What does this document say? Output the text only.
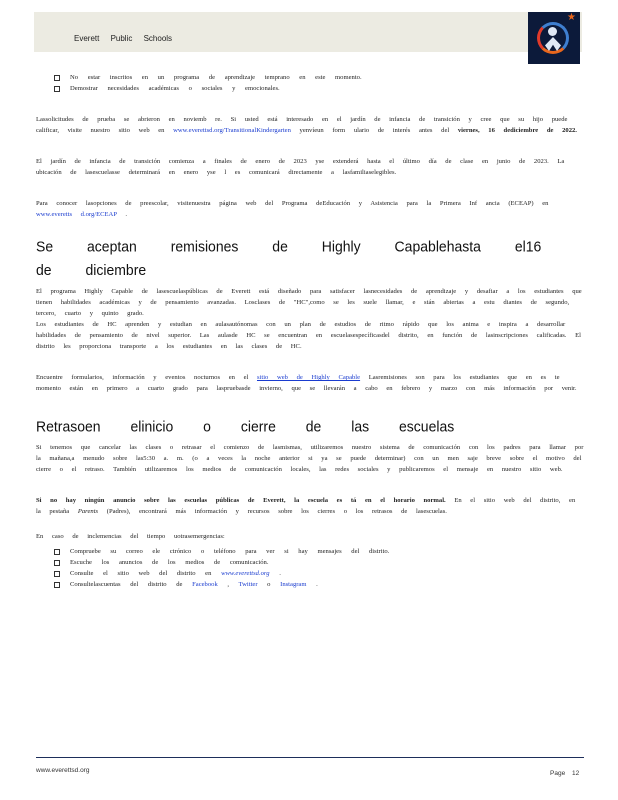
Everett Public Schools
★
No estar inscritos en un programa de aprendizaje temprano en este momento.
Demostrar necesidades académicas o sociales y emocionales.

Lassolicitudes de prueba se abrieron en noviemb re. Si usted está interesado en el jardín de infancia de transición y cree que su hijo puede calificar, visite nuestro sitio web en www.everettsd.org/TransitionalKindergarten yenvíeun form ulario de interés antes del viernes, 16 dediciembre de 2022.

El jardín de infancia de transición comienza a finales de enero de 2023 yse extenderá hasta el último día de clase en junio de 2023. La ubicación de lasescuelasse determinará en enero yse l es comunicará directamente a lasfamiliaselegibles.

Para conocer lasopciones de preescolar, visitenuestra página web del Programa deEducación y Asistencia para la Primera Inf ancia (ECEAP) en www.everetts d.org/ECEAP .

Se aceptan remisiones de Highly Capablehasta el16 de diciembre

El programa Highly Capable de lasescuelaspúblicas de Everett está diseñado para satisfacer lasnecesidades de aprendizaje y desafiar a los estudiantes que tienen habilidades académicas y de pensamiento avanzadas. Losclases de "HC",como se les suele llamar, e stán abiertas a estu diantes de segundo, tercero, cuarto y quinto grado.

Los estudiantes de HC aprenden y estudian en aulasautónomas con un plan de estudios de ritmo rápido que los anima e inspira a desarrollar habilidades de pensamiento de nivel superior. Las aulasde HC se encuentran en escuelasespecíficasdel distrito, en función de lasinscripciones calificadas. El distrito les proporciona transporte a los estudiantes en las clases de HC.

Encuentre formularios, información y eventos nocturnos en el sitio web de Highly Capable Lasremisiones son para los estudiantes que en es te momento están en primero a cuarto grado para laspruebasde invierno, que se llevarán a cabo en febrero y marzo con más información por venir.

Retrasoen elinicio o cierre de las escuelas

Si tenemos que cancelar las clases o retrasar el comienzo de lasmismas, utilizaremos nuestro sistema de comunicación con los padres para llamar por la mañana,a menudo sobre las5:30 a. m. (o a veces la noche anterior si ya se puede determinar) con un men saje breve sobre el motivo del cierre o el retraso. También utilizaremos los medios de comunicación locales, las redes sociales y publicaremos el mensaje en nuestro sitio web.

Si no hay ningún anuncio sobre las escuelas públicas de Everett, la escuela es tá en el horario normal. En el sitio web del distrito, en la pestaña Parents (Padres), encontrará más información y recursos sobre los cierres o los retrasos de lasescuelas.

En caso de inclemencias del tiempo uotrasemergencias:

Compruebe su correo ele ctrónico o teléfono para ver si hay mensajes del distrito.
Escuche los anuncios de los medios de comunicación.
Consulte el sitio web del distrito en www.everettsd.org .
Consultelascuentas del distrito de Facebook , Twitter o Instagram .
www.everettsd.org	Page 12
